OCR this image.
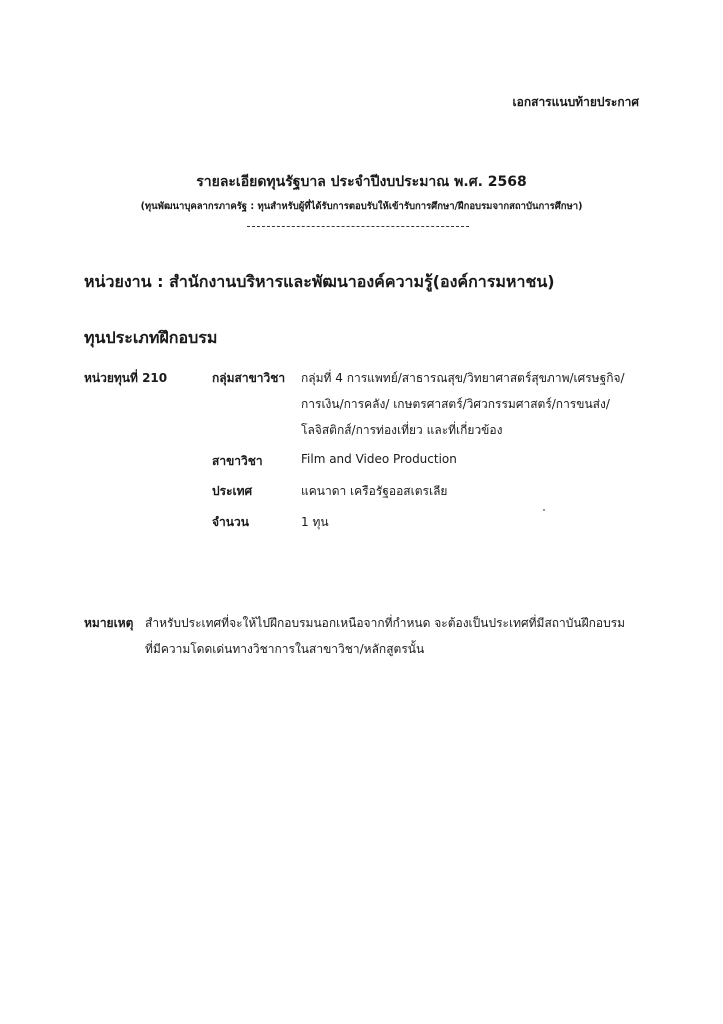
เอกสารแนบท้ายประกาศ
รายละเอียดทุนรัฐบาล ประจำปีงบประมาณ พ.ศ. 2568
(ทุนพัฒนาบุคลากรภาครัฐ : ทุนสำหรับผู้ที่ได้รับการตอบรับให้เข้ารับการศึกษา/ฝึกอบรมจากสถาบันการศึกษา)
หน่วยงาน : สำนักงานบริหารและพัฒนาองค์ความรู้(องค์การมหาชน)
ทุนประเภทฝึกอบรม
หน่วยทุนที่ 210	กลุ่มสาขาวิชา กลุ่มที่ 4 การแพทย์/สาธารณสุข/วิทยาศาสตร์สุขภาพ/เศรษฐกิจ/
การเงิน/การคลัง/ เกษตรศาสตร์/วิศวกรรมศาสตร์/การขนส่ง/
โลจิสติกส์/การท่องเที่ยว และที่เกี่ยวข้อง
สาขาวิชา	Film and Video Production
ประเทศ	แคนาดา เครือรัฐออสเตรเลีย
จำนวน	1 ทุน
หมายเหตุ สำหรับประเทศที่จะให้ไปฝึกอบรมนอกเหนือจากที่กำหนด จะต้องเป็นประเทศที่มีสถาบันฝึกอบรม
ที่มีความโดดเด่นทางวิชาการในสาขาวิชา/หลักสูตรนั้น
